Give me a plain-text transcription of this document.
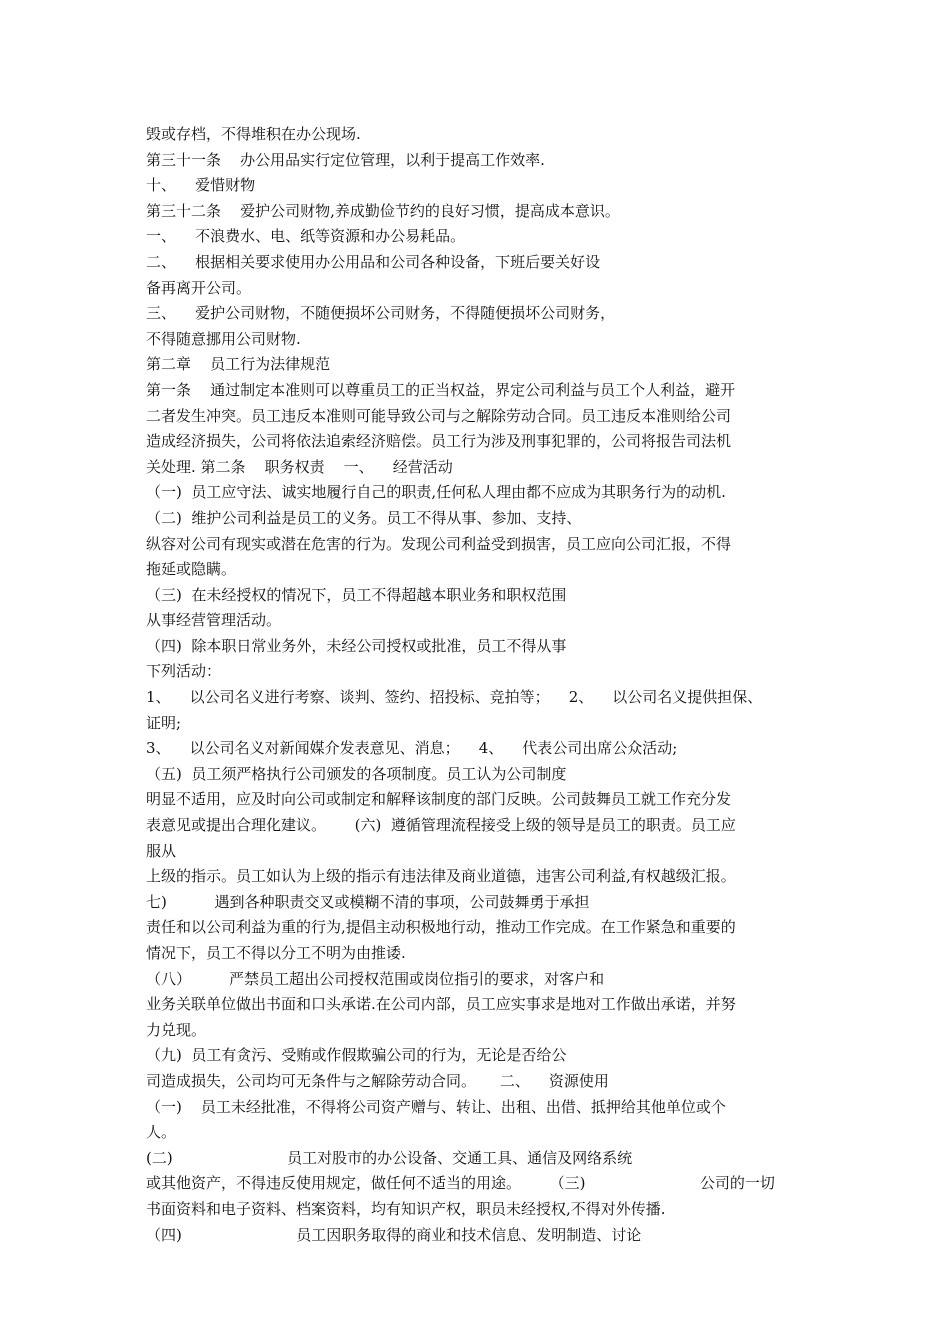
毁或存档，不得堆积在办公现场.
第三十一条    办公用品实行定位管理，以利于提高工作效率.
十、    爱惜财物
第三十二条    爱护公司财物,养成勤俭节约的良好习惯，提高成本意识。
一、    不浪费水、电、纸等资源和办公易耗品。
二、    根据相关要求使用办公用品和公司各种设备，下班后要关好设
备再离开公司。
三、    爱护公司财物，不随便损坏公司财务，不得随便损坏公司财务，
不得随意挪用公司财物.
第二章    员工行为法律规范
第一条    通过制定本准则可以尊重员工的正当权益，界定公司利益与员工个人利益，避开
二者发生冲突。员工违反本准则可能导致公司与之解除劳动合同。员工违反本准则给公司
造成经济损失，公司将依法追索经济赔偿。员工行为涉及刑事犯罪的，公司将报告司法机
关处理. 第二条    职务权责    一、    经营活动
（一)  员工应守法、诚实地履行自己的职责,任何私人理由都不应成为其职务行为的动机.
（二)  维护公司利益是员工的义务。员工不得从事、参加、支持、
纵容对公司有现实或潜在危害的行为。发现公司利益受到损害，员工应向公司汇报，不得
拖延或隐瞒。
（三)  在未经授权的情况下，员工不得超越本职业务和职权范围
从事经营管理活动。
（四)  除本职日常业务外，未经公司授权或批准，员工不得从事
下列活动：
1、    以公司名义进行考察、谈判、签约、招投标、竞拍等；    2、    以公司名义提供担保、
证明;
3、    以公司名义对新闻媒介发表意见、消息；    4、    代表公司出席公众活动;
（五)  员工须严格执行公司颁发的各项制度。员工认为公司制度
明显不适用，应及时向公司或制定和解释该制度的部门反映。公司鼓舞员工就工作充分发
表意见或提出合理化建议。      (六)  遵循管理流程接受上级的领导是员工的职责。员工应
服从
上级的指示。员工如认为上级的指示有违法律及商业道德，违害公司利益,有权越级汇报。
七)          遇到各种职责交叉或模糊不清的事项，公司鼓舞勇于承担
责任和以公司利益为重的行为,提倡主动积极地行动，推动工作完成。在工作紧急和重要的
情况下，员工不得以分工不明为由推诿.
（八）        严禁员工超出公司授权范围或岗位指引的要求，对客户和
业务关联单位做出书面和口头承诺.在公司内部，员工应实事求是地对工作做出承诺，并努
力兑现。
（九)  员工有贪污、受贿或作假欺骗公司的行为，无论是否给公
司造成损失，公司均可无条件与之解除劳动合同。     二、    资源使用
（一)    员工未经批准，不得将公司资产赠与、转让、出租、出借、抵押给其他单位或个
人。
(二)                        员工对股市的办公设备、交通工具、通信及网络系统
或其他资产，不得违反使用规定，做任何不适当的用途。      （三)                        公司的一切
书面资料和电子资料、档案资料，均有知识产权，职员未经授权,不得对外传播.
（四)                        员工因职务取得的商业和技术信息、发明制造、讨论
